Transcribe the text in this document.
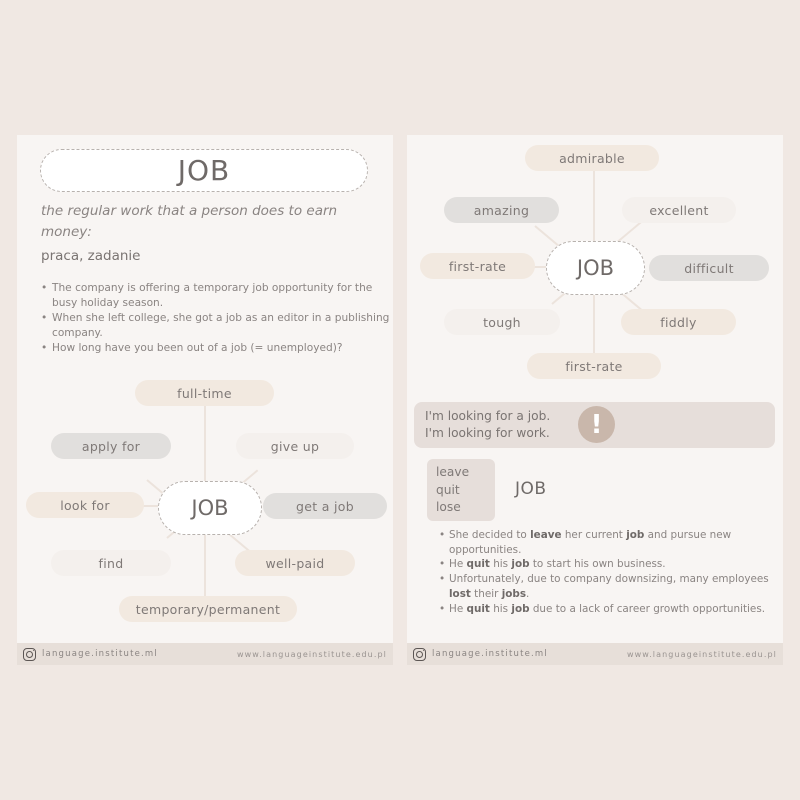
JOB
the regular work that a person does to earn money:
praca, zadanie
• The company is offering a temporary job opportunity for the busy holiday season.
• When she left college, she got a job as an editor in a publishing company.
• How long have you been out of a job (= unemployed)?
full-time
apply for	give up
look for	JOB	get a job
find	well-paid
temporary/permanent
language.institute.ml	www.languageinstitute.edu.pl
admirable
amazing	excellent
first-rate	JOB	difficult
tough	fiddly
first-rate
I'm looking for a job.
I'm looking for work.	!
leave
quit
lose
JOB
• She decided to leave her current job and pursue new opportunities.
• He quit his job to start his own business.
• Unfortunately, due to company downsizing, many employees lost their jobs.
• He quit his job due to a lack of career growth opportunities.
language.institute.ml	www.languageinstitute.edu.pl
